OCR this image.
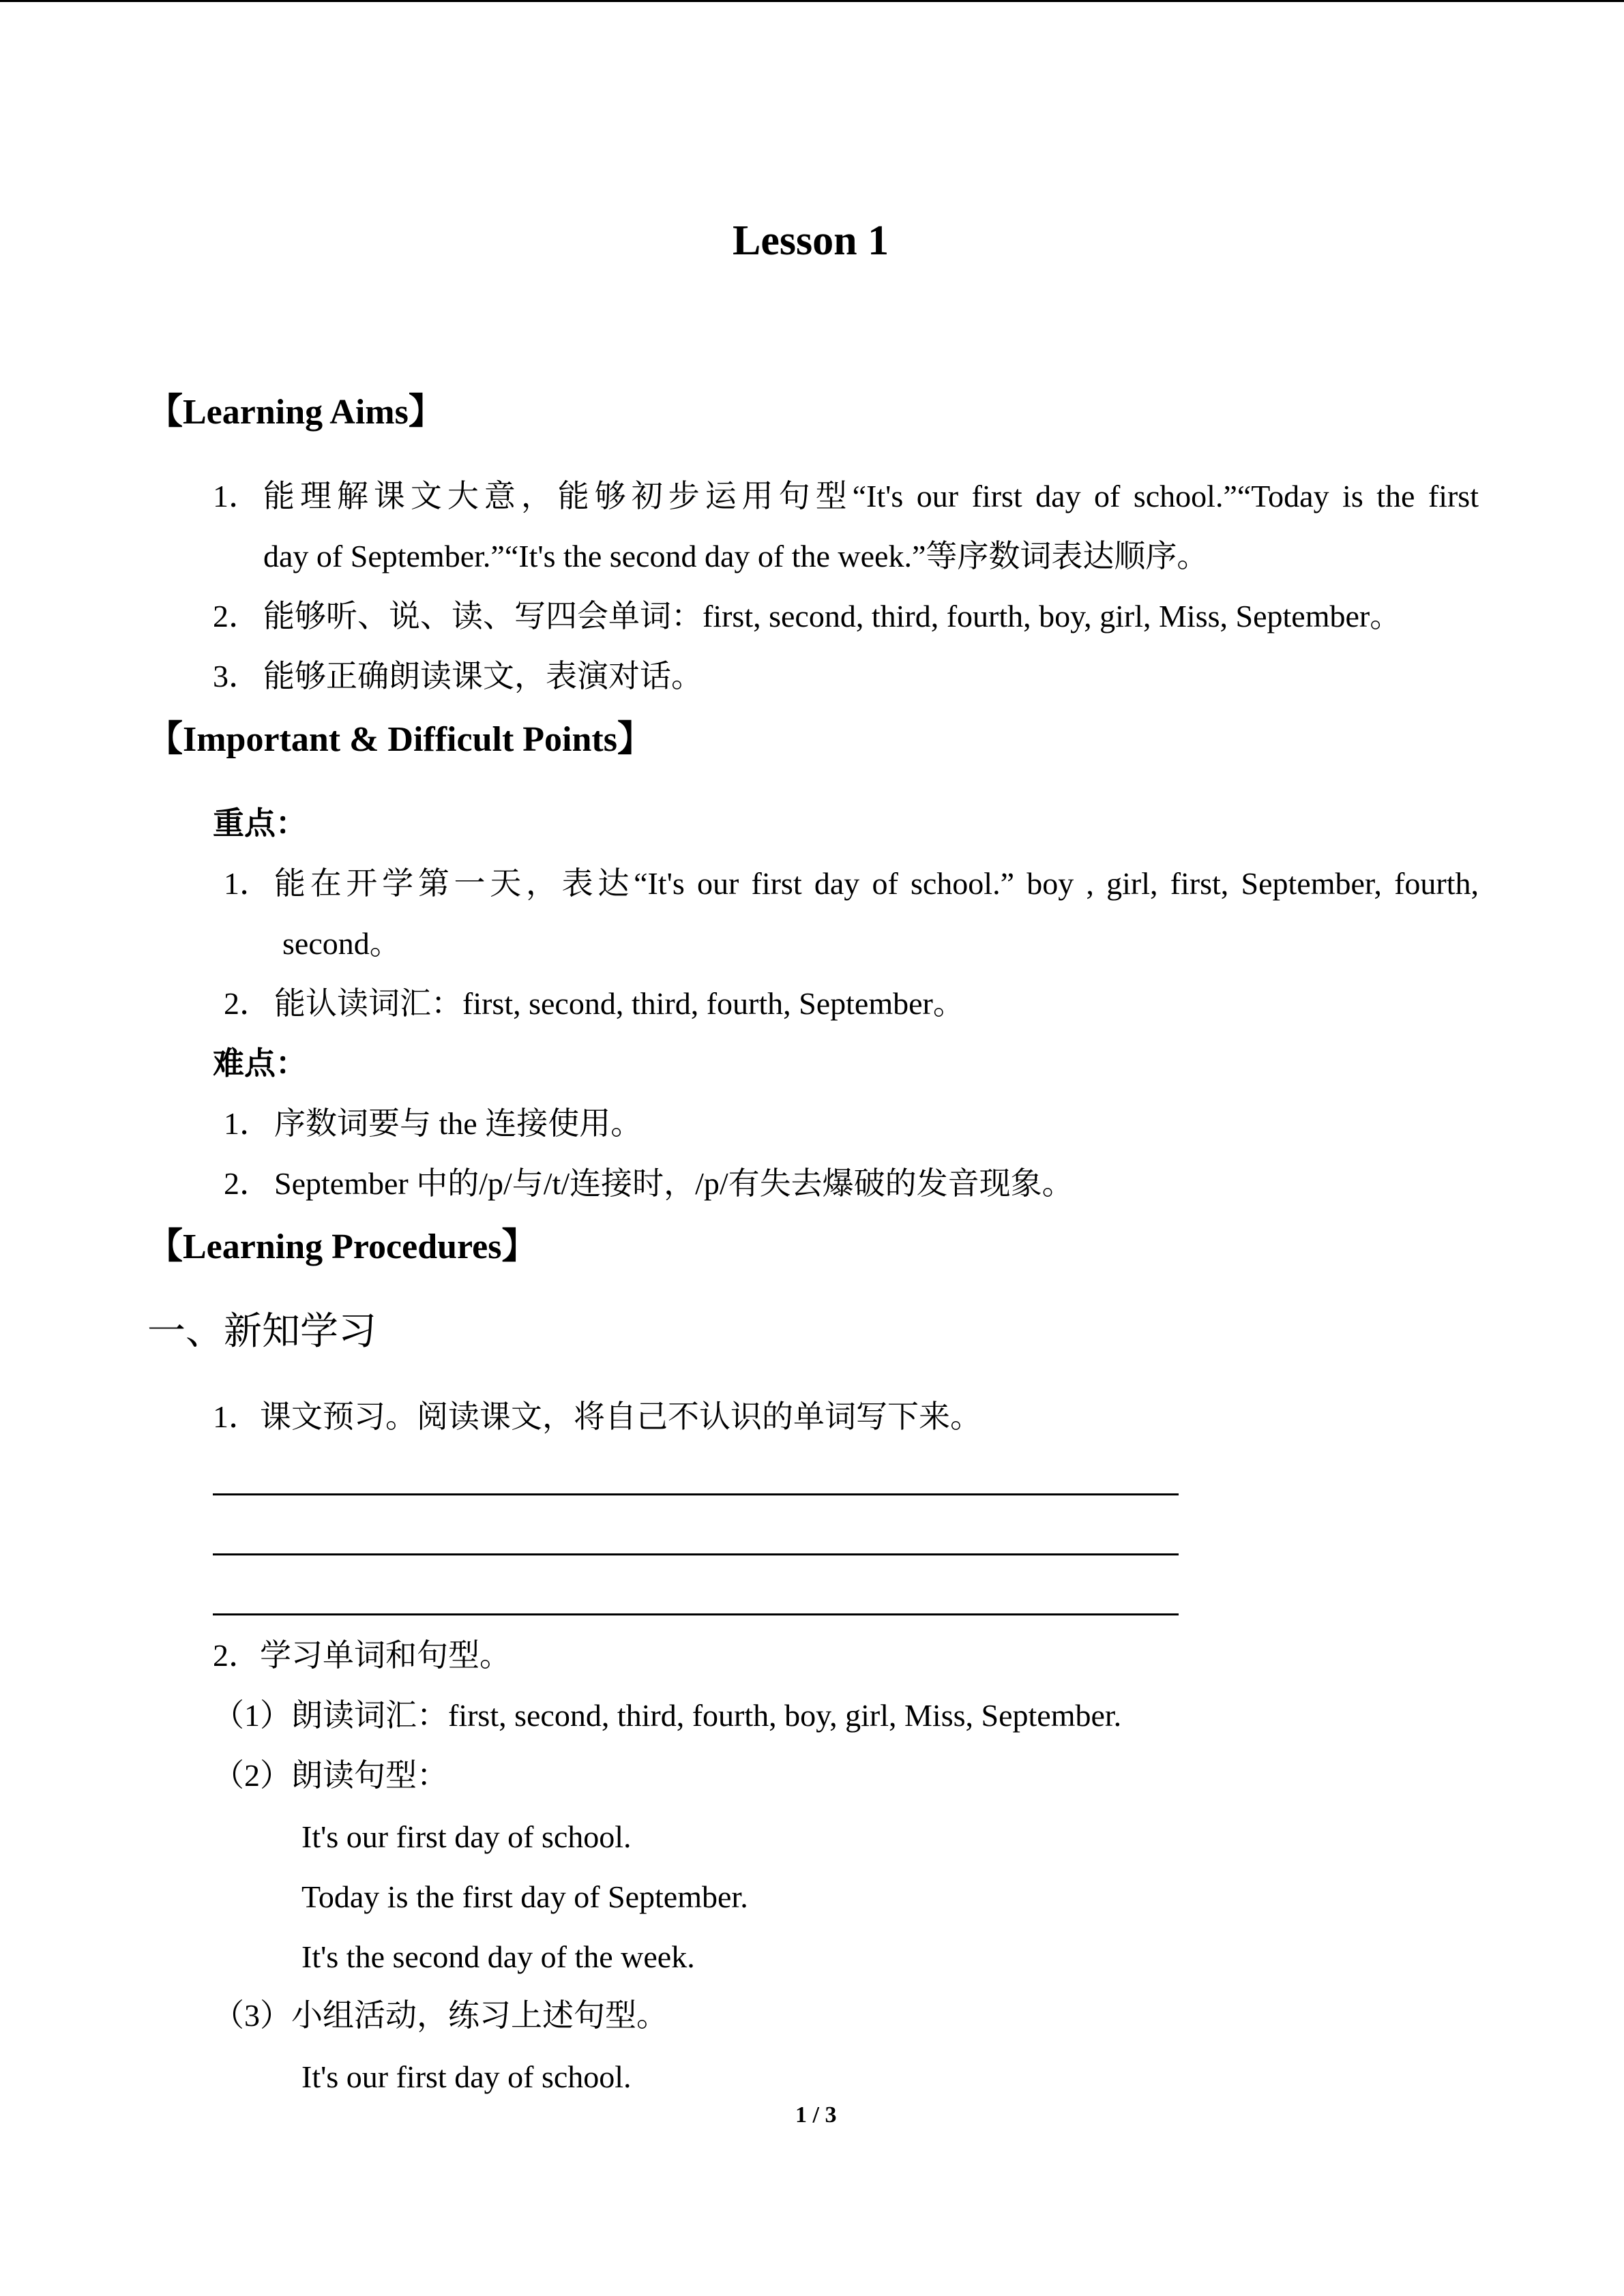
Lesson 1
【Learning Aims】
1． 能理解课文大意，能够初步运用句型“It's our first day of school.”“Today is the first
day of September.”“It's the second day of the week.”等序数词表达顺序。
2． 能够听、说、读、写四会单词：first, second, third, fourth, boy, girl, Miss, September。
3． 能够正确朗读课文，表演对话。
【Important & Difficult Points】
重点：
1． 能在开学第一天，表达“It's our first day of school.” boy , girl, first, September, fourth,
second。
2． 能认读词汇：first, second, third, fourth, September。
难点：
1． 序数词要与 the 连接使用。
2． September 中的/p/与/t/连接时，/p/有失去爆破的发音现象。
【Learning Procedures】
一、新知学习
1．课文预习。阅读课文，将自己不认识的单词写下来。
2．学习单词和句型。
（1）朗读词汇：first, second, third, fourth, boy, girl, Miss, September.
（2）朗读句型：
It's our first day of school.
Today is the first day of September.
It's the second day of the week.
（3）小组活动，练习上述句型。
It's our first day of school.
1 / 3
